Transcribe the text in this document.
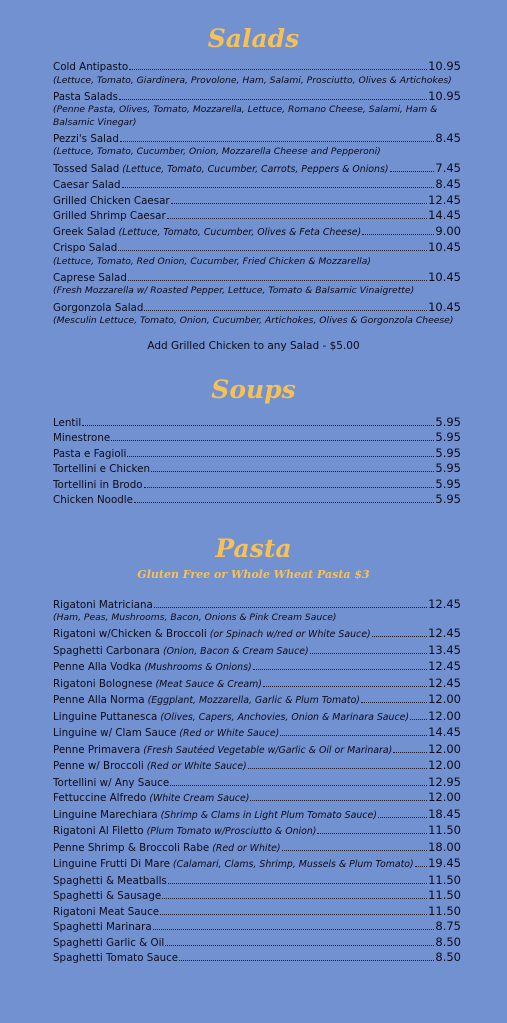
Salads
Cold Antipasto	10.95
(Lettuce, Tomato, Giardinera, Provolone, Ham, Salami, Prosciutto, Olives & Artichokes)
Pasta Salads	10.95
(Penne Pasta, Olives, Tomato, Mozzarella, Lettuce, Romano Cheese, Salami, Ham & Balsamic Vinegar)
Pezzi's Salad	8.45
(Lettuce, Tomato, Cucumber, Onion, Mozzarella Cheese and Pepperoni)
Tossed Salad (Lettuce, Tomato, Cucumber, Carrots, Peppers & Onions)	7.45
Caesar Salad	8.45
Grilled Chicken Caesar	12.45
Grilled Shrimp Caesar	14.45
Greek Salad (Lettuce, Tomato, Cucumber, Olives & Feta Cheese)	9.00
Crispo Salad	10.45
(Lettuce, Tomato, Red Onion, Cucumber, Fried Chicken & Mozzarella)
Caprese Salad	10.45
(Fresh Mozzarella w/ Roasted Pepper, Lettuce, Tomato & Balsamic Vinaigrette)
Gorgonzola Salad	10.45
(Mesculin Lettuce, Tomato, Onion, Cucumber, Artichokes, Olives & Gorgonzola Cheese)

Add Grilled Chicken to any Salad - $5.00

Soups
Lentil	5.95
Minestrone	5.95
Pasta e Fagioli	5.95
Tortellini e Chicken	5.95
Tortellini in Brodo	5.95
Chicken Noodle	5.95
Pasta

Gluten Free or Whole Wheat Pasta $3

Rigatoni Matriciana	12.45
(Ham, Peas, Mushrooms, Bacon, Onions & Pink Cream Sauce)
Rigatoni w/Chicken & Broccoli (or Spinach w/red or White Sauce)	12.45
Spaghetti Carbonara (Onion, Bacon & Cream Sauce)	13.45
Penne Alla Vodka (Mushrooms & Onions)	12.45
Rigatoni Bolognese (Meat Sauce & Cream)	12.45
Penne Alla Norma (Eggplant, Mozzarella, Garlic & Plum Tomato)	12.00
Linguine Puttanesca (Olives, Capers, Anchovies, Onion & Marinara Sauce) 12.00
Linguine w/ Clam Sauce (Red or White Sauce)	14.45
Penne Primavera (Fresh Sautéed Vegetable w/Garlic & Oil or Marinara)	12.00
Penne w/ Broccoli (Red or White Sauce)	12.00
Tortellini w/ Any Sauce	12.95
Fettuccine Alfredo (White Cream Sauce)	12.00
Linguine Marechiara (Shrimp & Clams in Light Plum Tomato Sauce)	18.45
Rigatoni Al Filetto (Plum Tomato w/Prosciutto & Onion)	11.50
Penne Shrimp & Broccoli Rabe (Red or White)	18.00
Linguine Frutti Di Mare (Calamari, Clams, Shrimp, Mussels & Plum Tomato) 19.45
Spaghetti & Meatballs	11.50
Spaghetti & Sausage	11.50
Rigatoni Meat Sauce	11.50
Spaghetti Marinara	8.75
Spaghetti Garlic & Oil	8.50
Spaghetti Tomato Sauce	8.50
